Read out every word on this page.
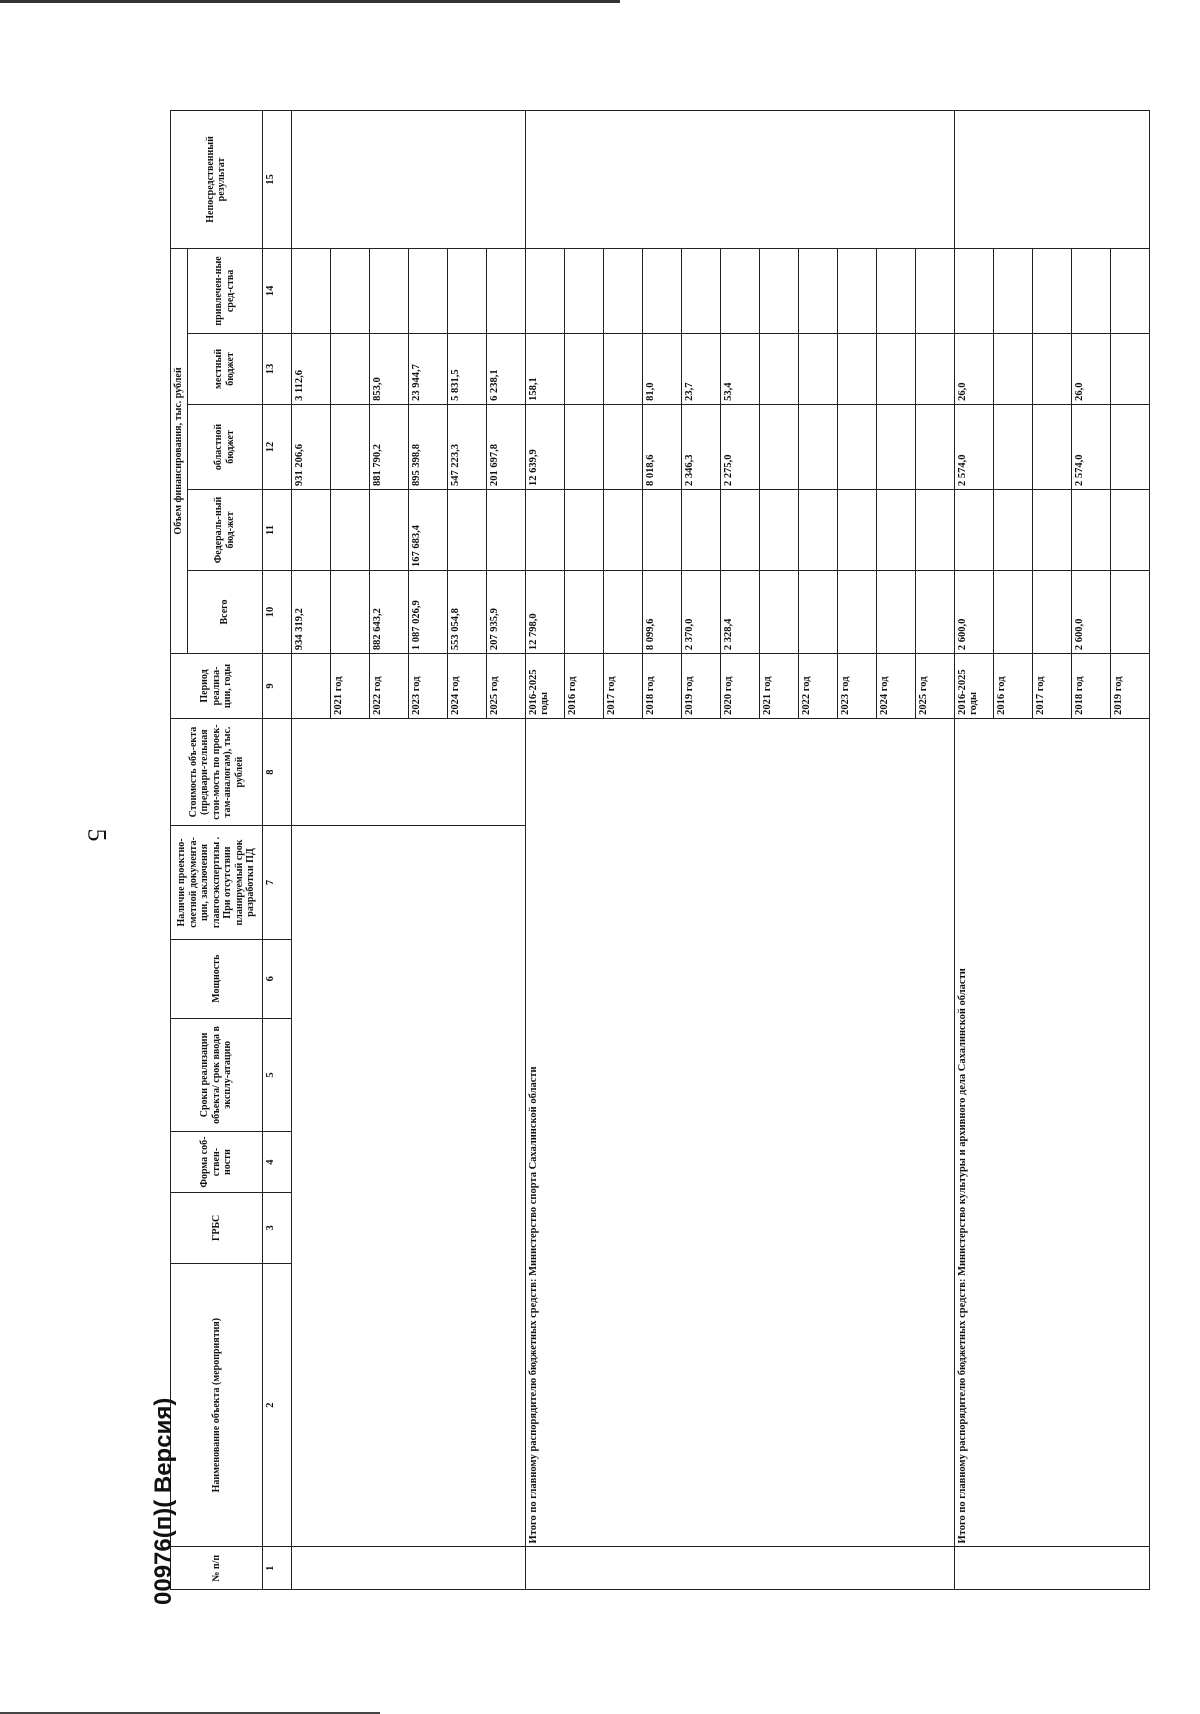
5
№ п/п	Наименование объекта (мероприятия)	ГРБС	Форма соб-ствен-ности	Сроки реализации объекта/ срок ввода в эксплу-атацию	Мощность	Наличие проектно-сметной документа-ции, заключения главгосэкспертизы . При отсутствии планируемый срок разработки ПД	Стоимость объ-екта (предвари-тельная стои-мость по проек-там-аналогам), тыс. рублей	Период реализа-ции, годы	Объем финансирования, тыс. рублей					Непосредственный результат
									Всего	Федераль-ный бюд-жет	областной бюджет	местный бюджет	привлечен-ные сред-ства	
1	2	3	4	5	6	7	8	9	10	11	12	13	14	15
									934 319,2		931 206,6	3 112,6		
								2021 год						
								2022 год	882 643,2		881 790,2	853,0		
								2023 год	1 087 026,9	167 683,4	895 398,8	23 944,7		
								2024 год	553 054,8		547 223,3	5 831,5		
								2025 год	207 935,9		201 697,8	6 238,1		
	Итого по главному распорядителю бюджетных средств: Министерство спорта Сахалинской области							2016-2025 годы	12 798,0		12 639,9	158,1		
								2016 год						
								2017 год						
								2018 год	8 099,6		8 018,6	81,0		
								2019 год	2 370,0		2 346,3	23,7		
								2020 год	2 328,4		2 275,0	53,4		
								2021 год						
								2022 год						
								2023 год						
								2024 год						
								2025 год						
	Итого по главному распорядителю бюджетных средств: Министерство культуры и архивного дела Сахалинской области							2016-2025 годы	2 600,0		2 574,0	26,0		
								2016 год						
								2017 год						
								2018 год	2 600,0		2 574,0	26,0		
								2019 год						
00976(п)( Версия)
